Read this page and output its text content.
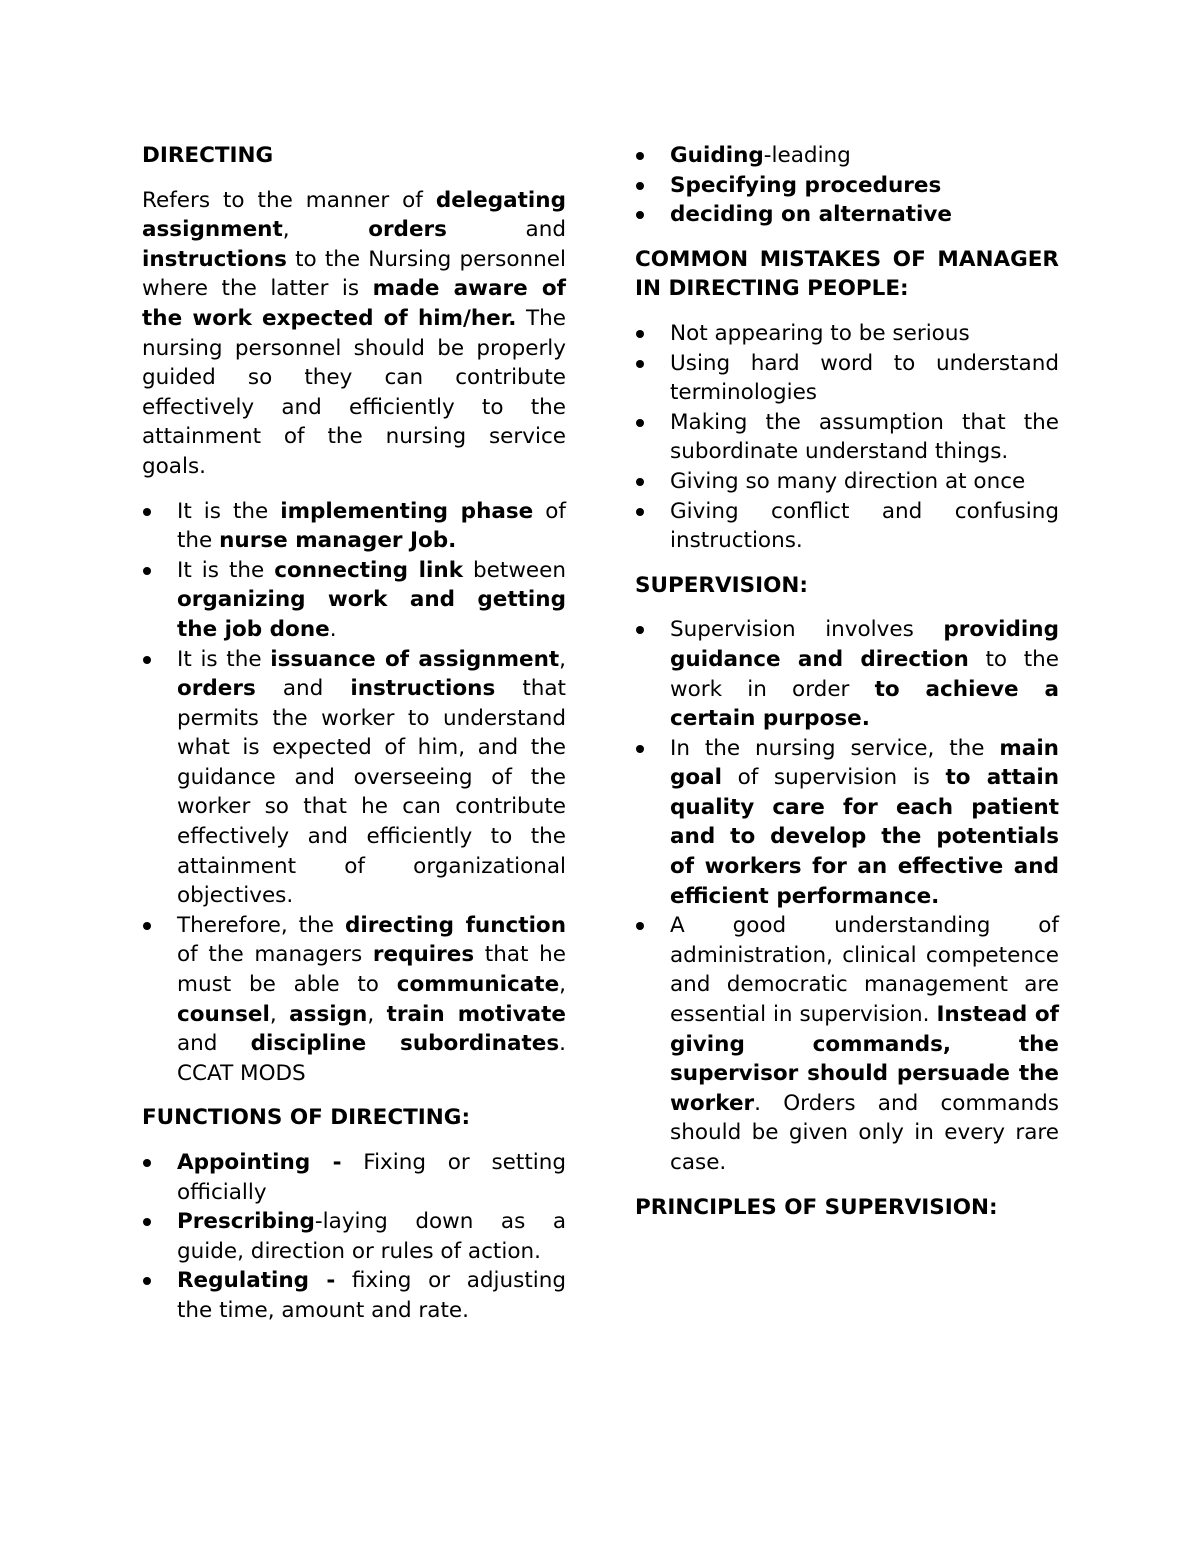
DIRECTING

Refers to the manner of delegating assignment, orders and instructions to the Nursing personnel where the latter is made aware of the work expected of him/her. The nursing personnel should be properly guided so they can contribute effectively and efficiently to the attainment of the nursing service goals.

It is the implementing phase of the nurse manager Job.
It is the connecting link between organizing work and getting the job done.
It is the issuance of assignment, orders and instructions that permits the worker to understand what is expected of him, and the guidance and overseeing of the worker so that he can contribute effectively and efficiently to the attainment of organizational objectives.
Therefore, the directing function of the managers requires that he must be able to communicate, counsel, assign, train motivate and discipline subordinates. CCAT MODS
FUNCTIONS OF DIRECTING:
Appointing - Fixing or setting officially
Prescribing-laying down as a guide, direction or rules of action.
Regulating - fixing or adjusting the time, amount and rate.
Guiding-leading
Specifying procedures
deciding on alternative
COMMON MISTAKES OF MANAGER IN DIRECTING PEOPLE:
Not appearing to be serious
Using hard word to understand terminologies
Making the assumption that the subordinate understand things.
Giving so many direction at once
Giving conflict and confusing instructions.
SUPERVISION:
Supervision involves providing guidance and direction to the work in order to achieve a certain purpose.
In the nursing service, the main goal of supervision is to attain quality care for each patient and to develop the potentials of workers for an effective and efficient performance.
A good understanding of administration, clinical competence and democratic management are essential in supervision. Instead of giving commands, the supervisor should persuade the worker. Orders and commands should be given only in every rare case.
PRINCIPLES OF SUPERVISION:
